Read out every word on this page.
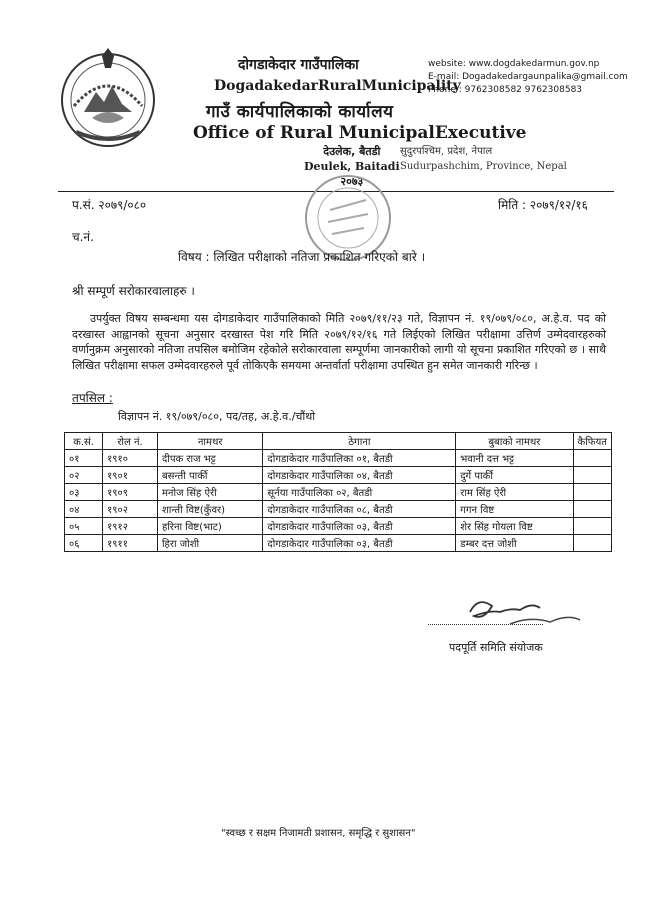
दोगडाकेदार गाउँपालिका
DogadakedarRuralMunicipality
गाउँ कार्यपालिकाको कार्यालय
Office of Rural MunicipalExecutive
website: www.dogdakedarmun.gov.np
E-mail: Dogadakedargaunpalika@gmail.com
Phone : 9762308582 9762308583
देउलेक, बैतडी
Deulek, Baitadi
२०७३
सुदुरपश्चिम, प्रदेश, नेपाल
Sudurpashchim, Province, Nepal
प.सं. २०७९/०८०	मिति : २०७९/१२/१६
च.नं.
विषय : लिखित परीक्षाको नतिजा प्रकाशित गरिएको बारे ।
श्री सम्पूर्ण सरोकारवालाहरु ।
उपर्युक्त विषय सम्बन्धमा यस दोगडाकेदार गाउँपालिकाको मिति २०७९/११/२३ गते, विज्ञापन नं. १९/०७९/०८०, अ.हे.व. पद को दरखास्त आह्वानको सूचना अनुसार दरखास्त पेश गरि मिति २०७९/१२/१६ गते लिईएको लिखित परीक्षामा उत्तिर्ण उम्मेदवारहरुको वर्णानुक्रम अनुसारको नतिजा तपसिल बमोजिम रहेकोले सरोकारवाला सम्पूर्णमा जानकारीको लागी यो सूचना प्रकाशित गरिएको छ । साथै लिखित परीक्षामा सफल उम्मेदवारहरुले पूर्व तोकिएकै समयमा अन्तर्वार्ता परीक्षामा उपस्थित हुन समेत जानकारी गरिन्छ ।
तपसिल :
विज्ञापन नं. १९/०७९/०८०, पद/तह, अ.हे.व./चौंथो
क.सं.	रोल नं.	नामथर	ठेगाना	बुबाको नामथर	कैफियत
०१	१९१०	दीपक राज भट्ट	दोगडाकेदार गाउँपालिका ०१, बैतडी	भवानी दत्त भट्ट	
०२	१९०१	बसन्ती पार्की	दोगडाकेदार गाउँपालिका ०४, बैतडी	दुर्गे पार्की	
०३	१९०९	मनोज सिंह ऐरी	सूर्नया गाउँपालिका ०२, बैतडी	राम सिंह ऐरी	
०४	१९०२	शान्ती विष्ट(कुँवर)	दोगडाकेदार गाउँपालिका ०८, बैतडी	गगन विष्ट	
०५	१९१२	हरिना विष्ट(भाट)	दोगडाकेदार गाउँपालिका ०३, बैतडी	शेर सिंह गोयला विष्ट	
०६	१९११	हिरा जोशी	दोगडाकेदार गाउँपालिका ०३, बैतडी	डम्बर दत्त जोशी	
पदपूर्ति समिति संयोजक
"स्वच्छ र सक्षम निजामती प्रशासन, समृद्धि र सुशासन"
